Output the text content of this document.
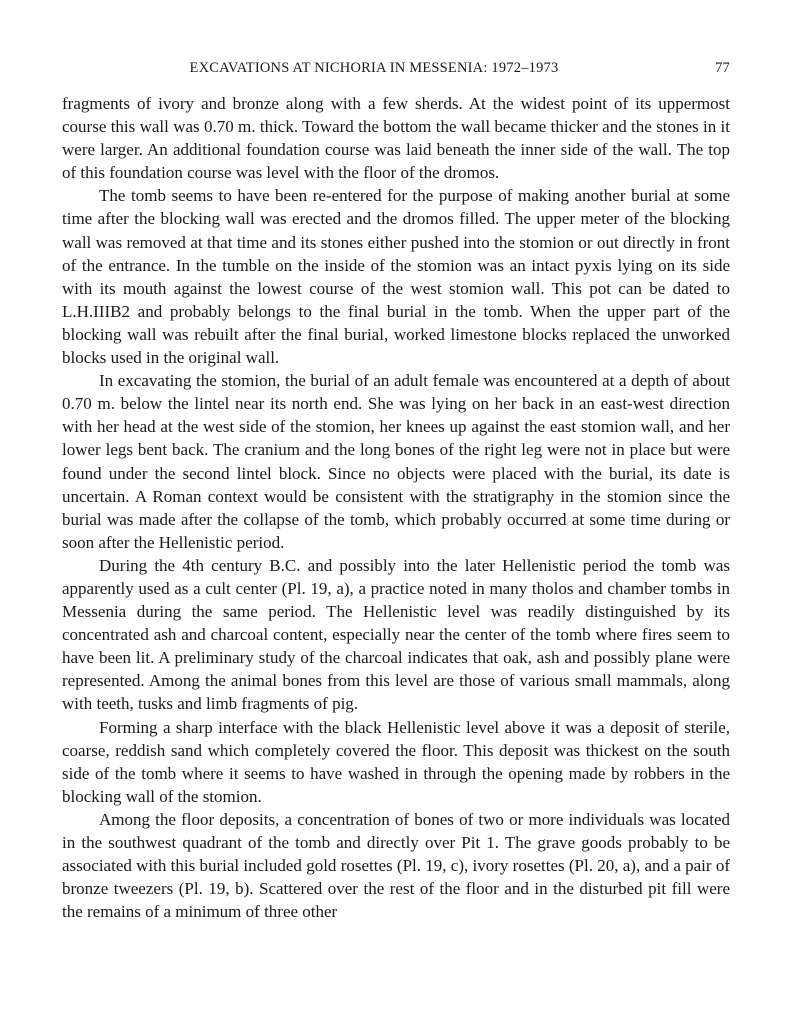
EXCAVATIONS AT NICHORIA IN MESSENIA: 1972–1973	77

fragments of ivory and bronze along with a few sherds. At the widest point of its uppermost course this wall was 0.70 m. thick. Toward the bottom the wall became thicker and the stones in it were larger. An additional foundation course was laid beneath the inner side of the wall. The top of this foundation course was level with the floor of the dromos.

The tomb seems to have been re-entered for the purpose of making another burial at some time after the blocking wall was erected and the dromos filled. The upper meter of the blocking wall was removed at that time and its stones either pushed into the stomion or out directly in front of the entrance. In the tumble on the inside of the stomion was an intact pyxis lying on its side with its mouth against the lowest course of the west stomion wall. This pot can be dated to L.H.IIIB2 and probably belongs to the final burial in the tomb. When the upper part of the blocking wall was rebuilt after the final burial, worked limestone blocks replaced the unworked blocks used in the original wall.

In excavating the stomion, the burial of an adult female was encountered at a depth of about 0.70 m. below the lintel near its north end. She was lying on her back in an east-west direction with her head at the west side of the stomion, her knees up against the east stomion wall, and her lower legs bent back. The cranium and the long bones of the right leg were not in place but were found under the second lintel block. Since no objects were placed with the burial, its date is uncertain. A Roman context would be consistent with the stratigraphy in the stomion since the burial was made after the collapse of the tomb, which probably occurred at some time during or soon after the Hellenistic period.

During the 4th century B.C. and possibly into the later Hellenistic period the tomb was apparently used as a cult center (Pl. 19, a), a practice noted in many tholos and chamber tombs in Messenia during the same period. The Hellenistic level was readily distinguished by its concentrated ash and charcoal content, especially near the center of the tomb where fires seem to have been lit. A preliminary study of the charcoal indicates that oak, ash and possibly plane were represented. Among the animal bones from this level are those of various small mammals, along with teeth, tusks and limb fragments of pig.

Forming a sharp interface with the black Hellenistic level above it was a deposit of sterile, coarse, reddish sand which completely covered the floor. This deposit was thickest on the south side of the tomb where it seems to have washed in through the opening made by robbers in the blocking wall of the stomion.

Among the floor deposits, a concentration of bones of two or more individuals was located in the southwest quadrant of the tomb and directly over Pit 1. The grave goods probably to be associated with this burial included gold rosettes (Pl. 19, c), ivory rosettes (Pl. 20, a), and a pair of bronze tweezers (Pl. 19, b). Scattered over the rest of the floor and in the disturbed pit fill were the remains of a minimum of three other
